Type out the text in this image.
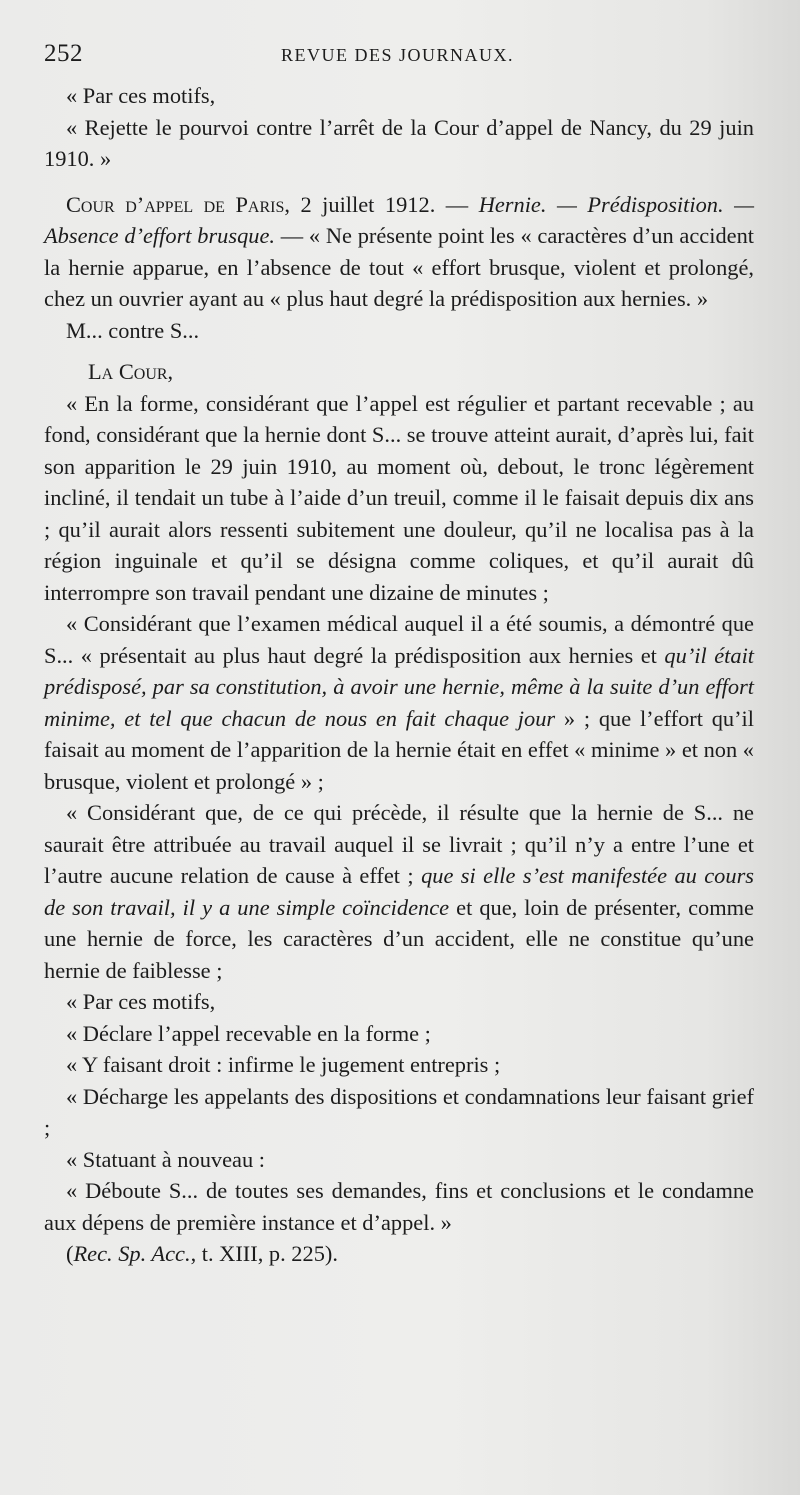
252	REVUE DES JOURNAUX.

« Par ces motifs,

« Rejette le pourvoi contre l’arrêt de la Cour d’appel de Nancy, du 29 juin 1910. »

Cour d’appel de Paris, 2 juillet 1912. — Hernie. — Prédisposition. — Absence d’effort brusque. — « Ne présente point les « caractères d’un accident la hernie apparue, en l’absence de tout « effort brusque, violent et prolongé, chez un ouvrier ayant au « plus haut degré la prédisposition aux hernies. »

M... contre S...

La Cour,

« En la forme, considérant que l’appel est régulier et partant recevable ; au fond, considérant que la hernie dont S... se trouve atteint aurait, d’après lui, fait son apparition le 29 juin 1910, au moment où, debout, le tronc légèrement incliné, il tendait un tube à l’aide d’un treuil, comme il le faisait depuis dix ans ; qu’il aurait alors ressenti subitement une douleur, qu’il ne localisa pas à la région inguinale et qu’il se désigna comme coliques, et qu’il aurait dû interrompre son travail pendant une dizaine de minutes ;

« Considérant que l’examen médical auquel il a été soumis, a démontré que S... « présentait au plus haut degré la prédisposition aux hernies et qu’il était prédisposé, par sa constitution, à avoir une hernie, même à la suite d’un effort minime, et tel que chacun de nous en fait chaque jour » ; que l’effort qu’il faisait au moment de l’apparition de la hernie était en effet « minime » et non « brusque, violent et prolongé » ;

« Considérant que, de ce qui précède, il résulte que la hernie de S... ne saurait être attribuée au travail auquel il se livrait ; qu’il n’y a entre l’une et l’autre aucune relation de cause à effet ; que si elle s’est manifestée au cours de son travail, il y a une simple coïncidence et que, loin de présenter, comme une hernie de force, les caractères d’un accident, elle ne constitue qu’une hernie de faiblesse ;

« Par ces motifs,

« Déclare l’appel recevable en la forme ;

« Y faisant droit : infirme le jugement entrepris ;

« Décharge les appelants des dispositions et condamnations leur faisant grief ;

« Statuant à nouveau :

« Déboute S... de toutes ses demandes, fins et conclusions et le condamne aux dépens de première instance et d’appel. »

(Rec. Sp. Acc., t. XIII, p. 225).
